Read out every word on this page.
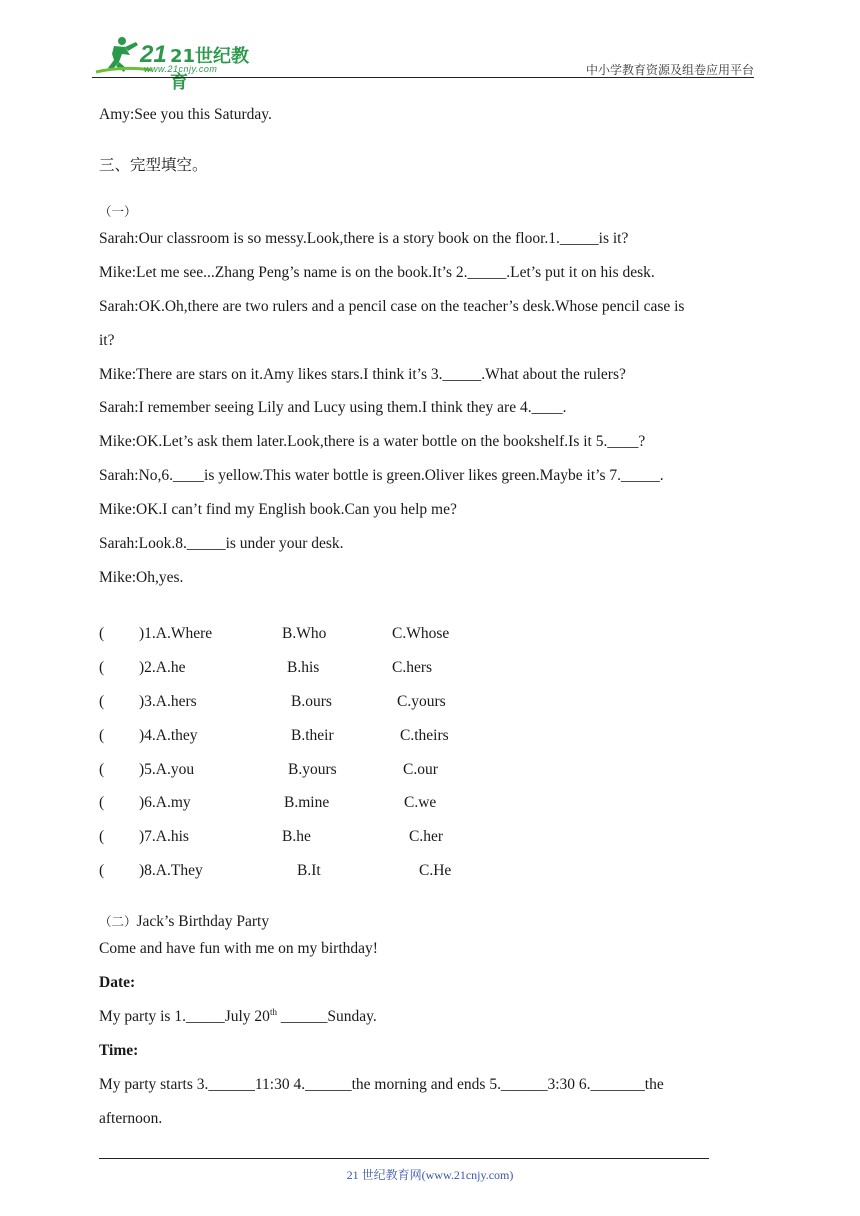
21 21世纪教育
www.21cnjy.com	中小学教育资源及组卷应用平台
Amy:See you this Saturday.
三、完型填空。
（一）
Sarah:Our classroom is so messy.Look,there is a story book on the floor.1._____is it?
Mike:Let me see...Zhang Peng’s name is on the book.It’s 2._____.Let’s put it on his desk.
Sarah:OK.Oh,there are two rulers and a pencil case on the teacher’s desk.Whose pencil case is
it?
Mike:There are stars on it.Amy likes stars.I think it’s 3._____.What about the rulers?
Sarah:I remember seeing Lily and Lucy using them.I think they are 4.____.
Mike:OK.Let’s ask them later.Look,there is a water bottle on the bookshelf.Is it 5.____?
Sarah:No,6.____is yellow.This water bottle is green.Oliver likes green.Maybe it’s 7._____.
Mike:OK.I can’t find my English book.Can you help me?
Sarah:Look.8._____is under your desk.
Mike:Oh,yes.
( )1.A.Where	B.Who	C.Whose
( )2.A.he	B.his	C.hers
( )3.A.hers	B.ours	C.yours
( )4.A.they	B.their	C.theirs
( )5.A.you	B.yours	C.our
( )6.A.my	B.mine	C.we
( )7.A.his	B.he	C.her
( )8.A.They	B.It	C.He
（二）Jack’s Birthday Party
Come and have fun with me on my birthday!
Date:
My party is 1._____July 20th ______Sunday.
Time:
My party starts 3.______11:30 4.______the morning and ends 5.______3:30 6._______the
afternoon.
21 世纪教育网(www.21cnjy.com)
